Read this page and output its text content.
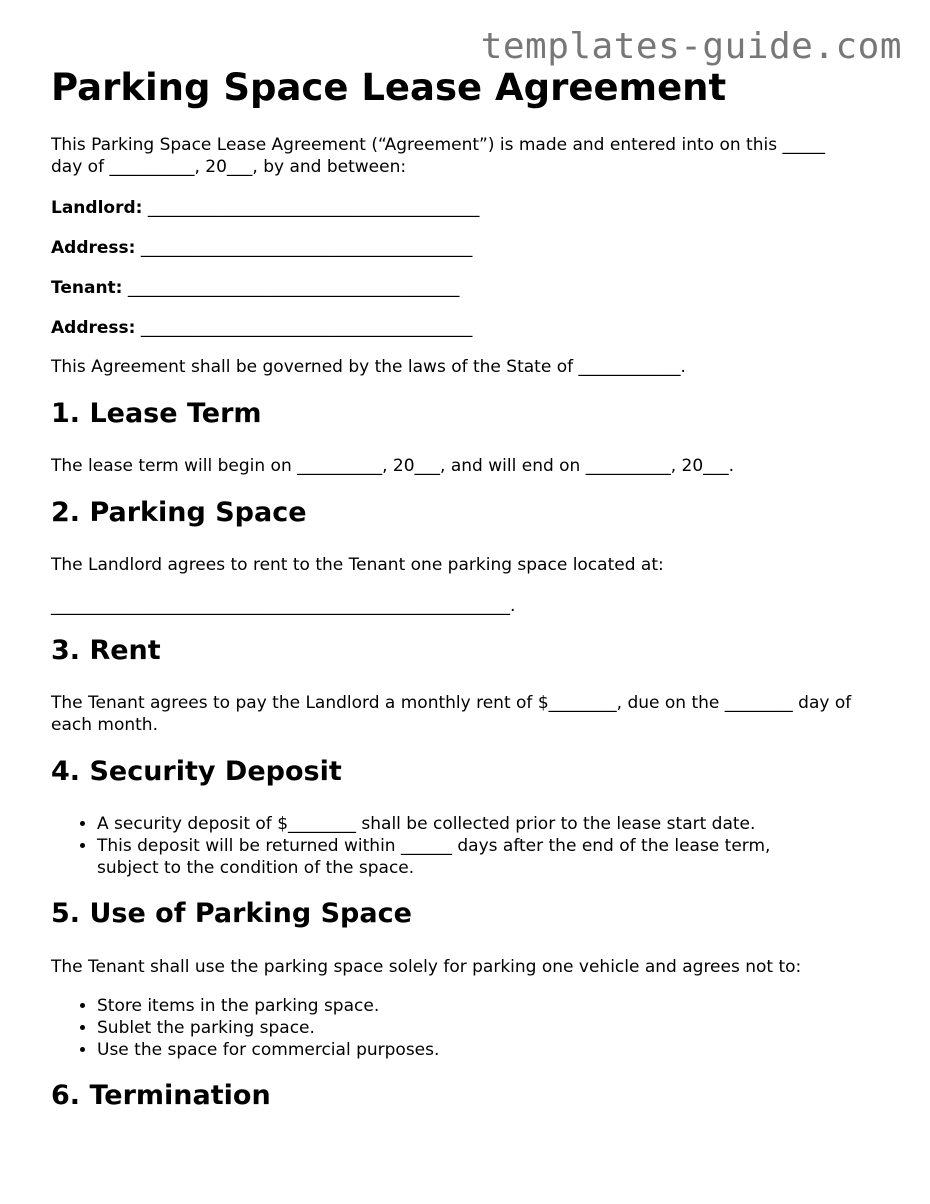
templates-guide.com
Parking Space Lease Agreement

This Parking Space Lease Agreement (“Agreement”) is made and entered into on this _____ day of __________, 20___, by and between:

Landlord: _______________________________________

Address: _______________________________________

Tenant: _______________________________________

Address: _______________________________________

This Agreement shall be governed by the laws of the State of ____________.

1. Lease Term

The lease term will begin on __________, 20___, and will end on __________, 20___.

2. Parking Space

The Landlord agrees to rent to the Tenant one parking space located at:

______________________________________________________.

3. Rent

The Tenant agrees to pay the Landlord a monthly rent of $________, due on the ________ day of each month.

4. Security Deposit
• A security deposit of $________ shall be collected prior to the lease start date.
• This deposit will be returned within ______ days after the end of the lease term, subject to the condition of the space.
5. Use of Parking Space

The Tenant shall use the parking space solely for parking one vehicle and agrees not to:

• Store items in the parking space.
• Sublet the parking space.
• Use the space for commercial purposes.
6. Termination
